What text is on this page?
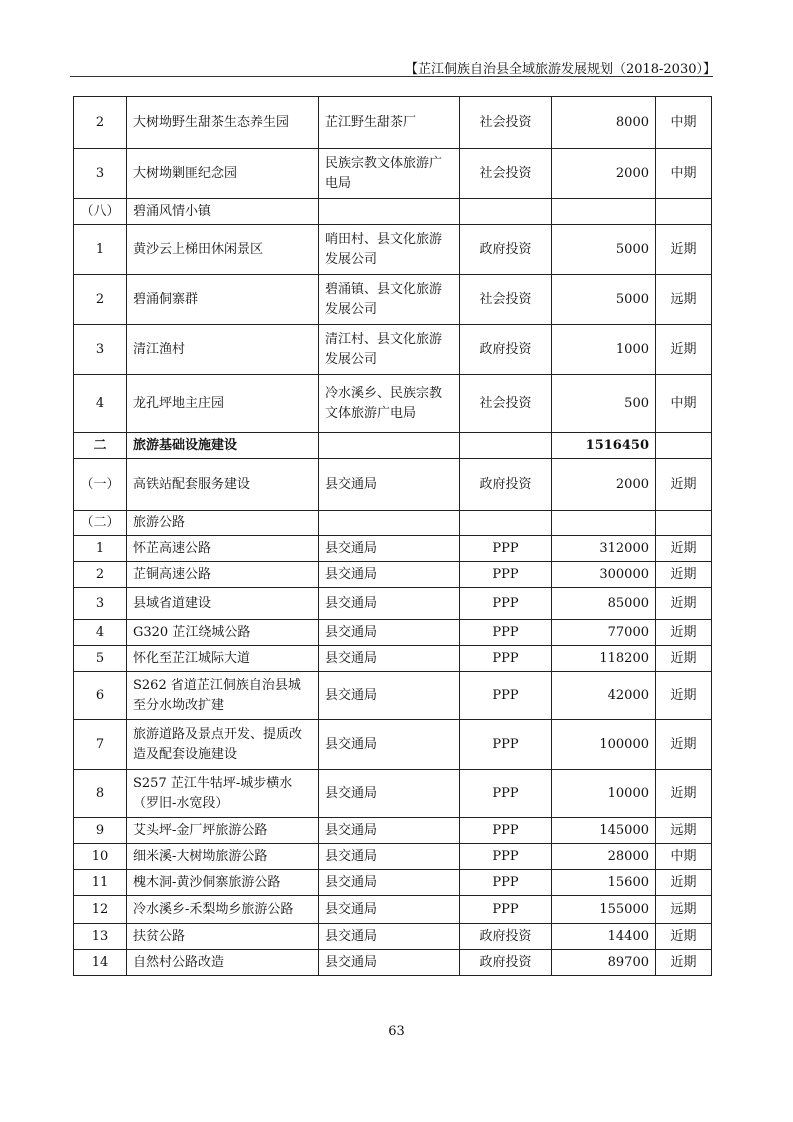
【芷江侗族自治县全域旅游发展规划（2018-2030）】
2	大树坳野生甜茶生态养生园	芷江野生甜茶厂	社会投资	8000	中期
3	大树坳剿匪纪念园	民族宗教文体旅游广电局	社会投资	2000	中期
（八）	碧涌风情小镇				
1	黄沙云上梯田休闲景区	哨田村、县文化旅游发展公司	政府投资	5000	近期
2	碧涌侗寨群	碧涌镇、县文化旅游发展公司	社会投资	5000	远期
3	清江渔村	清江村、县文化旅游发展公司	政府投资	1000	近期
4	龙孔坪地主庄园	冷水溪乡、民族宗教文体旅游广电局	社会投资	500	中期
二	旅游基础设施建设			1516450	
（一）	高铁站配套服务建设	县交通局	政府投资	2000	近期
（二）	旅游公路				
1	怀芷高速公路	县交通局	PPP	312000	近期
2	芷铜高速公路	县交通局	PPP	300000	近期
3	县域省道建设	县交通局	PPP	85000	近期
4	G320 芷江绕城公路	县交通局	PPP	77000	近期
5	怀化至芷江城际大道	县交通局	PPP	118200	近期
6	S262 省道芷江侗族自治县城至分水坳改扩建	县交通局	PPP	42000	近期
7	旅游道路及景点开发、提质改造及配套设施建设	县交通局	PPP	100000	近期
8	S257 芷江牛牯坪-城步横水（罗旧-水宽段）	县交通局	PPP	10000	近期
9	艾头坪-金厂坪旅游公路	县交通局	PPP	145000	远期
10	细米溪-大树坳旅游公路	县交通局	PPP	28000	中期
11	槐木洞-黄沙侗寨旅游公路	县交通局	PPP	15600	近期
12	冷水溪乡-禾梨坳乡旅游公路	县交通局	PPP	155000	远期
13	扶贫公路	县交通局	政府投资	14400	近期
14	自然村公路改造	县交通局	政府投资	89700	近期
63
